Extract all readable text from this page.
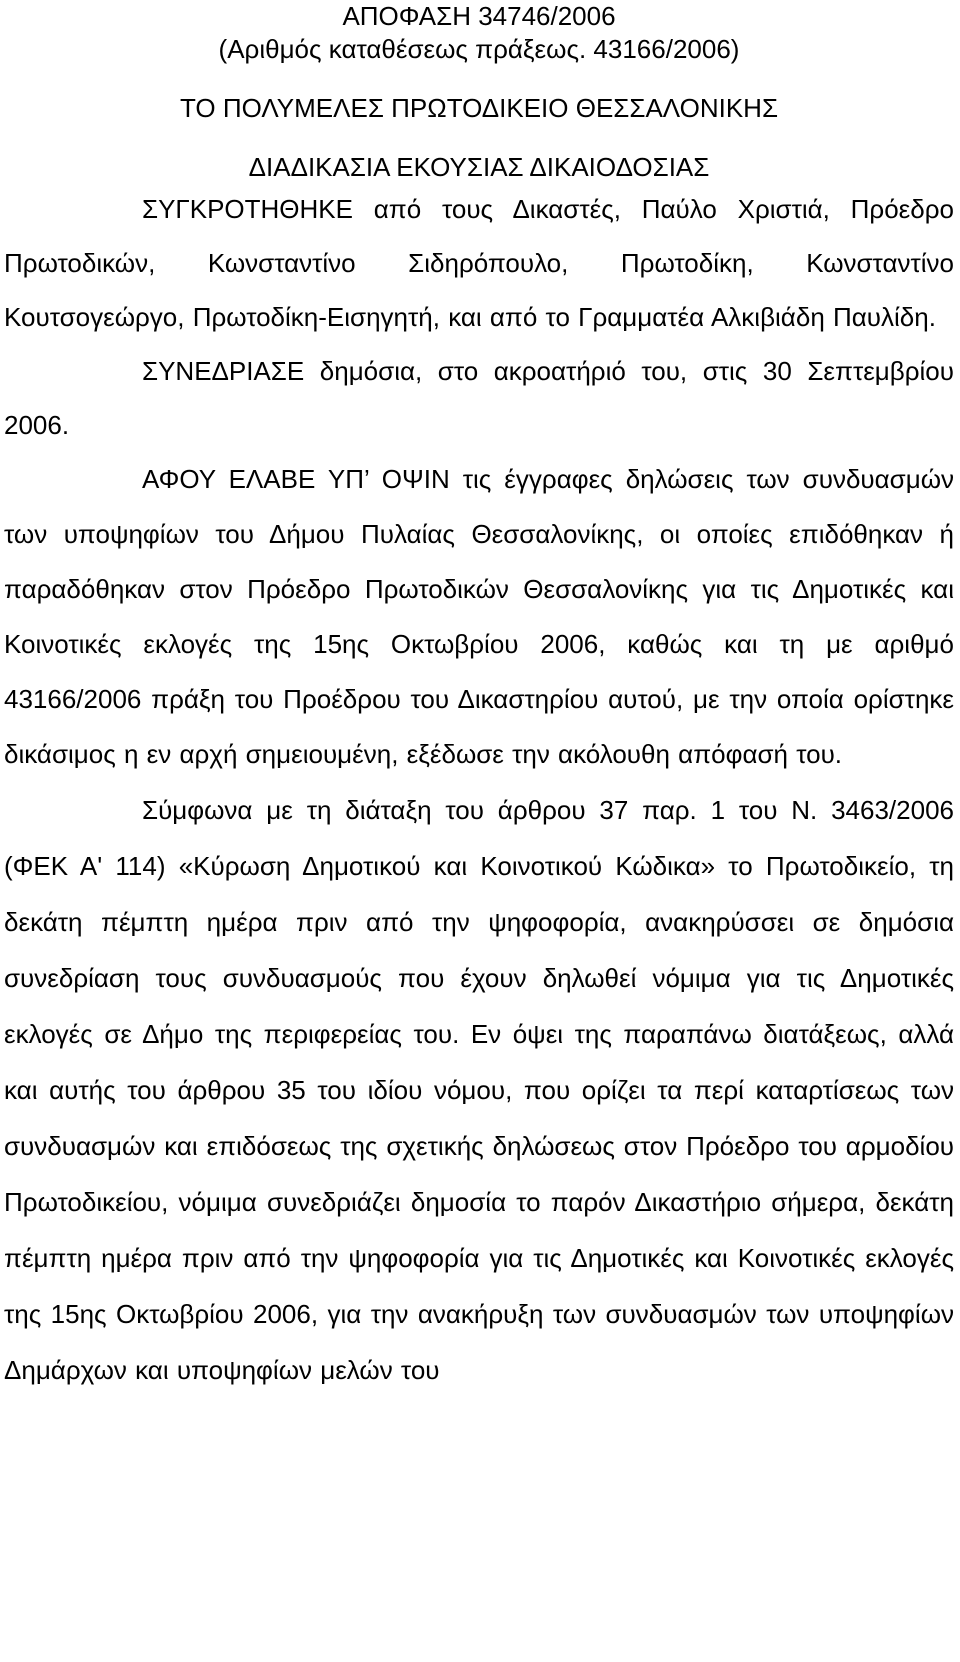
ΑΠΟΦΑΣΗ 34746/2006

(Αριθμός καταθέσεως πράξεως. 43166/2006)

ΤΟ ΠΟΛΥΜΕΛΕΣ ΠΡΩΤΟΔΙΚΕΙΟ ΘΕΣΣΑΛΟΝΙΚΗΣ

ΔΙΑΔΙΚΑΣΙΑ ΕΚΟΥΣΙΑΣ ΔΙΚΑΙΟΔΟΣΙΑΣ

ΣΥΓΚΡΟΤΗΘΗΚΕ από τους Δικαστές, Παύλο Χριστιά, Πρόεδρο Πρωτοδικών, Κωνσταντίνο Σιδηρόπουλο, Πρωτοδίκη, Κωνσταντίνο Κουτσογεώργο, Πρωτοδίκη-Εισηγητή, και από το Γραμματέα Αλκιβιάδη Παυλίδη.

ΣΥΝΕΔΡΙΑΣΕ δημόσια, στο ακροατήριό του, στις 30 Σεπτεμβρίου 2006.

ΑΦΟΥ ΕΛΑΒΕ ΥΠ’ ΟΨΙΝ τις έγγραφες δηλώσεις των συνδυασμών των υποψηφίων του Δήμου Πυλαίας Θεσσαλονίκης, οι οποίες επιδόθηκαν ή παραδόθηκαν στον Πρόεδρο Πρωτοδικών Θεσσαλονίκης για τις Δημοτικές και Κοινοτικές εκλογές της 15ης Οκτωβρίου 2006, καθώς και τη με αριθμό 43166/2006 πράξη του Προέδρου του Δικαστηρίου αυτού, με την οποία ορίστηκε δικάσιμος η εν αρχή σημειουμένη, εξέδωσε την ακόλουθη απόφασή του.

Σύμφωνα με τη διάταξη του άρθρου 37 παρ. 1 του Ν. 3463/2006 (ΦΕΚ Α' 114) «Κύρωση Δημοτικού και Κοινοτικού Κώδικα» το Πρωτοδικείο, τη δεκάτη πέμπτη ημέρα πριν από την ψηφοφορία, ανακηρύσσει σε δημόσια συνεδρίαση τους συνδυασμούς που έχουν δηλωθεί νόμιμα για τις Δημοτικές εκλογές σε Δήμο της περιφερείας του. Εν όψει της παραπάνω διατάξεως, αλλά και αυτής του άρθρου 35 του ιδίου νόμου, που ορίζει τα περί καταρτίσεως των συνδυασμών και επιδόσεως της σχετικής δηλώσεως στον Πρόεδρο του αρμοδίου Πρωτοδικείου, νόμιμα συνεδριάζει δημοσία το παρόν Δικαστήριο σήμερα, δεκάτη πέμπτη ημέρα πριν από την ψηφοφορία για τις Δημοτικές και Κοινοτικές εκλογές της 15ης Οκτωβρίου 2006, για την ανακήρυξη των συνδυασμών των υποψηφίων Δημάρχων και υποψηφίων μελών του
